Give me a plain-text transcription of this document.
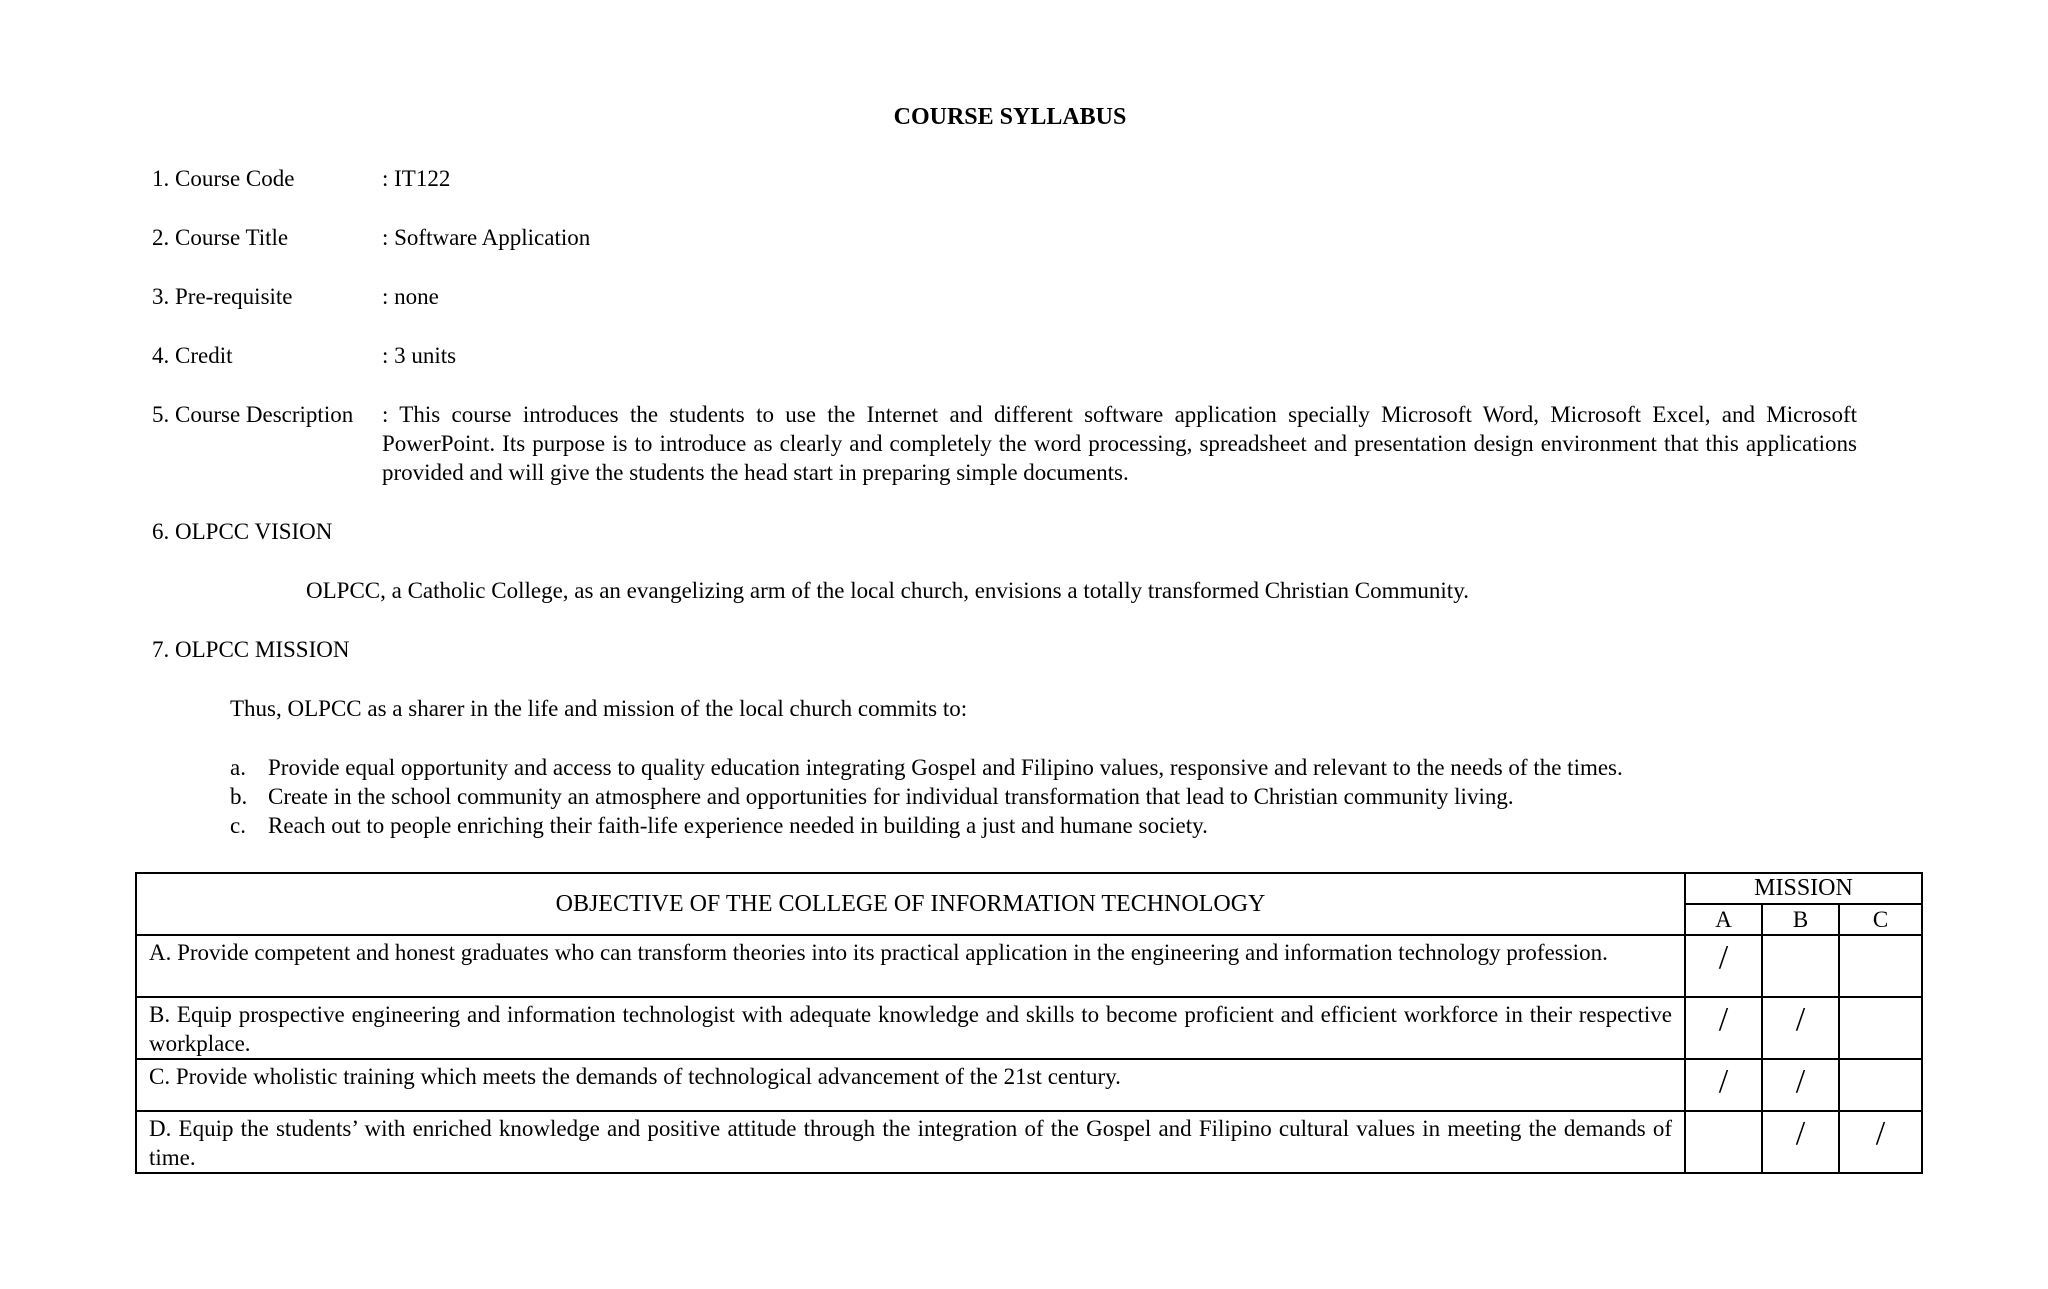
COURSE SYLLABUS
1. Course Code	: IT122
2. Course Title	: Software Application
3. Pre-requisite	: none
4. Credit	: 3 units
5. Course Description : This course introduces the students to use the Internet and different software application specially Microsoft Word, Microsoft Excel, and Microsoft PowerPoint. Its purpose is to introduce as clearly and completely the word processing, spreadsheet and presentation design environment that this applications provided and will give the students the head start in preparing simple documents.
6. OLPCC VISION
OLPCC, a Catholic College, as an evangelizing arm of the local church, envisions a totally transformed Christian Community.
7. OLPCC MISSION
Thus, OLPCC as a sharer in the life and mission of the local church commits to:
a. Provide equal opportunity and access to quality education integrating Gospel and Filipino values, responsive and relevant to the needs of the times.
b. Create in the school community an atmosphere and opportunities for individual transformation that lead to Christian community living.
c. Reach out to people enriching their faith-life experience needed in building a just and humane society.
OBJECTIVE OF THE COLLEGE OF INFORMATION TECHNOLOGY	MISSION		
	A	B	C
A. Provide competent and honest graduates who can transform theories into its practical application in the engineering and information technology profession.	/		
B. Equip prospective engineering and information technologist with adequate knowledge and skills to become proficient and efficient workforce in their respective workplace.	/	/	
C. Provide wholistic training which meets the demands of technological advancement of the 21st century.	/	/	
D. Equip the students’ with enriched knowledge and positive attitude through the integration of the Gospel and Filipino cultural values in meeting the demands of time.		/	/
